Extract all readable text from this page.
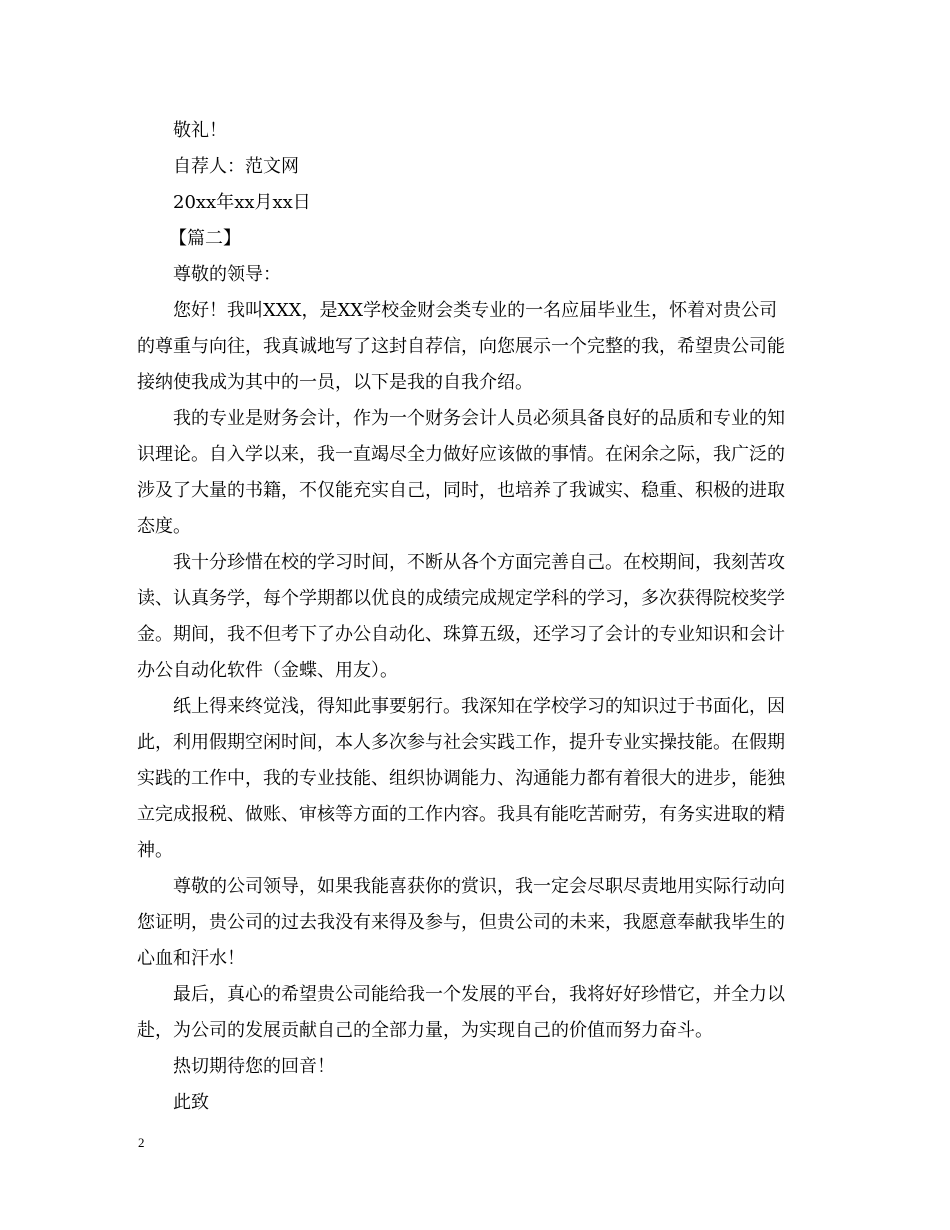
敬礼！
自荐人：范文网
20xx年xx月xx日
【篇二】
尊敬的领导：
您好！我叫XXX，是XX学校金财会类专业的一名应届毕业生，怀着对贵公司
的尊重与向往，我真诚地写了这封自荐信，向您展示一个完整的我，希望贵公司能
接纳使我成为其中的一员，以下是我的自我介绍。
我的专业是财务会计，作为一个财务会计人员必须具备良好的品质和专业的知
识理论。自入学以来，我一直竭尽全力做好应该做的事情。在闲余之际，我广泛的
涉及了大量的书籍，不仅能充实自己，同时，也培养了我诚实、稳重、积极的进取
态度。
我十分珍惜在校的学习时间，不断从各个方面完善自己。在校期间，我刻苦攻
读、认真务学，每个学期都以优良的成绩完成规定学科的学习，多次获得院校奖学
金。期间，我不但考下了办公自动化、珠算五级，还学习了会计的专业知识和会计
办公自动化软件（金蝶、用友）。
纸上得来终觉浅，得知此事要躬行。我深知在学校学习的知识过于书面化，因
此，利用假期空闲时间，本人多次参与社会实践工作，提升专业实操技能。在假期
实践的工作中，我的专业技能、组织协调能力、沟通能力都有着很大的进步，能独
立完成报税、做账、审核等方面的工作内容。我具有能吃苦耐劳，有务实进取的精
神。
尊敬的公司领导，如果我能喜获你的赏识，我一定会尽职尽责地用实际行动向
您证明，贵公司的过去我没有来得及参与，但贵公司的未来，我愿意奉献我毕生的
心血和汗水！
最后，真心的希望贵公司能给我一个发展的平台，我将好好珍惜它，并全力以
赴，为公司的发展贡献自己的全部力量，为实现自己的价值而努力奋斗。
热切期待您的回音！
此致
2
